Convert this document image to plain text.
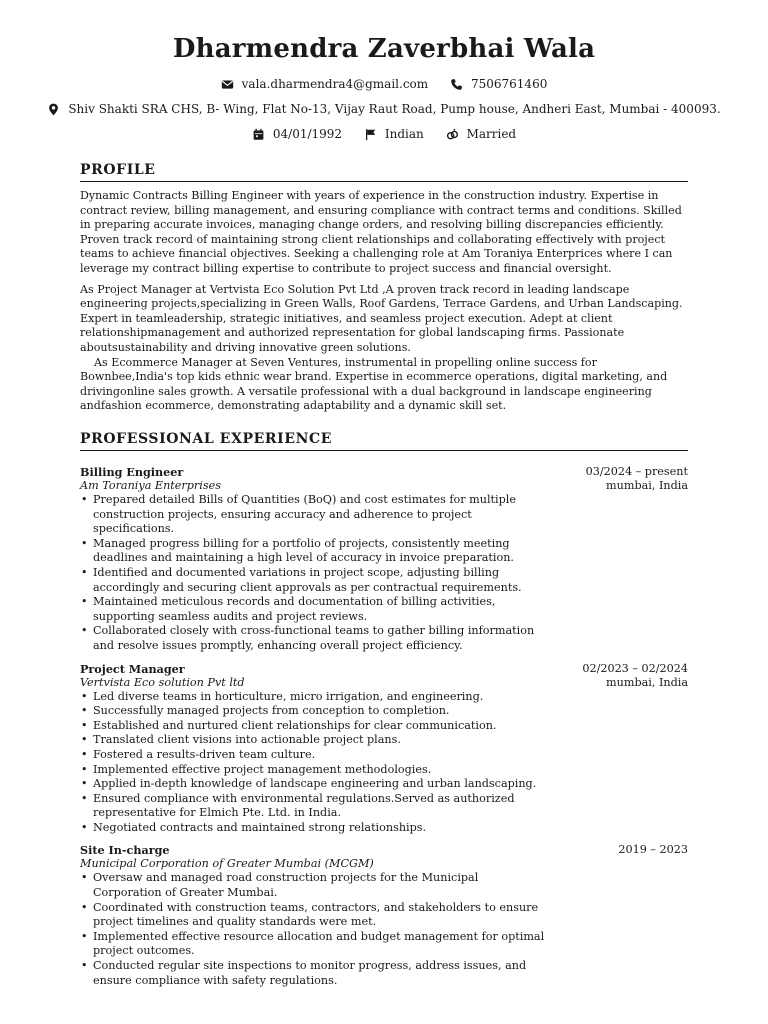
Dharmendra Zaverbhai Wala
vala.dharmendra4@gmail.com
	7506761460
Shiv Shakti SRA CHS, B- Wing, Flat No-13, Vijay Raut Road, Pump house, Andheri East, Mumbai - 400093.
04/01/1992
	Indian
	Married
PROFILE

Dynamic Contracts Billing Engineer with years of experience in the construction industry. Expertise in contract review, billing management, and ensuring compliance with contract terms and conditions. Skilled in preparing accurate invoices, managing change orders, and resolving billing discrepancies efficiently. Proven track record of maintaining strong client relationships and collaborating effectively with project teams to achieve financial objectives. Seeking a challenging role at Am Toraniya Enterprices where I can leverage my contract billing expertise to contribute to project success and financial oversight.

As Project Manager at Vertvista Eco Solution Pvt Ltd ,A proven track record in leading landscape engineering projects,specializing in Green Walls, Roof Gardens, Terrace Gardens, and Urban Landscaping. Expert in teamleadership, strategic initiatives, and seamless project execution. Adept at client relationshipmanagement and authorized representation for global landscaping firms. Passionate aboutsustainability and driving innovative green solutions.

As Ecommerce Manager at Seven Ventures, instrumental in propelling online success for Bownbee,India's top kids ethnic wear brand. Expertise in ecommerce operations, digital marketing, and drivingonline sales growth. A versatile professional with a dual background in landscape engineering andfashion ecommerce, demonstrating adaptability and a dynamic skill set.

PROFESSIONAL EXPERIENCE
Billing Engineer	03/2024 – present
Am Toraniya Enterprises	mumbai, India
• Prepared detailed Bills of Quantities (BoQ) and cost estimates for multiple construction projects, ensuring accuracy and adherence to project specifications.
• Managed progress billing for a portfolio of projects, consistently meeting deadlines and maintaining a high level of accuracy in invoice preparation.
• Identified and documented variations in project scope, adjusting billing accordingly and securing client approvals as per contractual requirements.
• Maintained meticulous records and documentation of billing activities, supporting seamless audits and project reviews.
• Collaborated closely with cross-functional teams to gather billing information and resolve issues promptly, enhancing overall project efficiency.
Project Manager	02/2023 – 02/2024
Vertvista Eco solution Pvt ltd	mumbai, India
• Led diverse teams in horticulture, micro irrigation, and engineering.
• Successfully managed projects from conception to completion.
• Established and nurtured client relationships for clear communication.
• Translated client visions into actionable project plans.
• Fostered a results-driven team culture.
• Implemented effective project management methodologies.
• Applied in-depth knowledge of landscape engineering and urban landscaping.
• Ensured compliance with environmental regulations.Served as authorized representative for Elmich Pte. Ltd. in India.
• Negotiated contracts and maintained strong relationships.
Site In-charge	2019 – 2023
Municipal Corporation of Greater Mumbai (MCGM)
• Oversaw and managed road construction projects for the Municipal Corporation of Greater Mumbai.
• Coordinated with construction teams, contractors, and stakeholders to ensure project timelines and quality standards were met.
• Implemented effective resource allocation and budget management for optimal project outcomes.
• Conducted regular site inspections to monitor progress, address issues, and ensure compliance with safety regulations.
